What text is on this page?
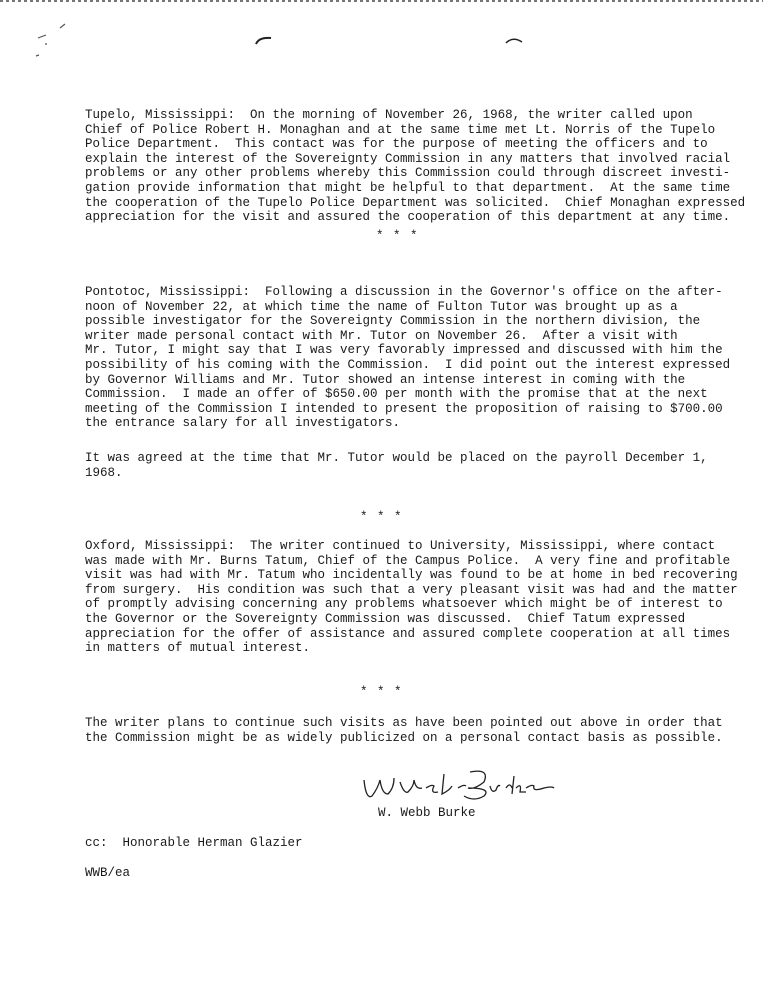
Tupelo, Mississippi:  On the morning of November 26, 1968, the writer called upon
Chief of Police Robert H. Monaghan and at the same time met Lt. Norris of the Tupelo
Police Department.  This contact was for the purpose of meeting the officers and to
explain the interest of the Sovereignty Commission in any matters that involved racial
problems or any other problems whereby this Commission could through discreet investi-
gation provide information that might be helpful to that department.  At the same time
the cooperation of the Tupelo Police Department was solicited.  Chief Monaghan expressed
appreciation for the visit and assured the cooperation of this department at any time.
* * *
Pontotoc, Mississippi:  Following a discussion in the Governor's office on the after-
noon of November 22, at which time the name of Fulton Tutor was brought up as a
possible investigator for the Sovereignty Commission in the northern division, the
writer made personal contact with Mr. Tutor on November 26.  After a visit with
Mr. Tutor, I might say that I was very favorably impressed and discussed with him the
possibility of his coming with the Commission.  I did point out the interest expressed
by Governor Williams and Mr. Tutor showed an intense interest in coming with the
Commission.  I made an offer of $650.00 per month with the promise that at the next
meeting of the Commission I intended to present the proposition of raising to $700.00
the entrance salary for all investigators.
It was agreed at the time that Mr. Tutor would be placed on the payroll December 1,
1968.
* * *
Oxford, Mississippi:  The writer continued to University, Mississippi, where contact
was made with Mr. Burns Tatum, Chief of the Campus Police.  A very fine and profitable
visit was had with Mr. Tatum who incidentally was found to be at home in bed recovering
from surgery.  His condition was such that a very pleasant visit was had and the matter
of promptly advising concerning any problems whatsoever which might be of interest to
the Governor or the Sovereignty Commission was discussed.  Chief Tatum expressed
appreciation for the offer of assistance and assured complete cooperation at all times
in matters of mutual interest.
* * *
The writer plans to continue such visits as have been pointed out above in order that
the Commission might be as widely publicized on a personal contact basis as possible.
W. Webb Burke
cc:  Honorable Herman Glazier
WWB/ea
